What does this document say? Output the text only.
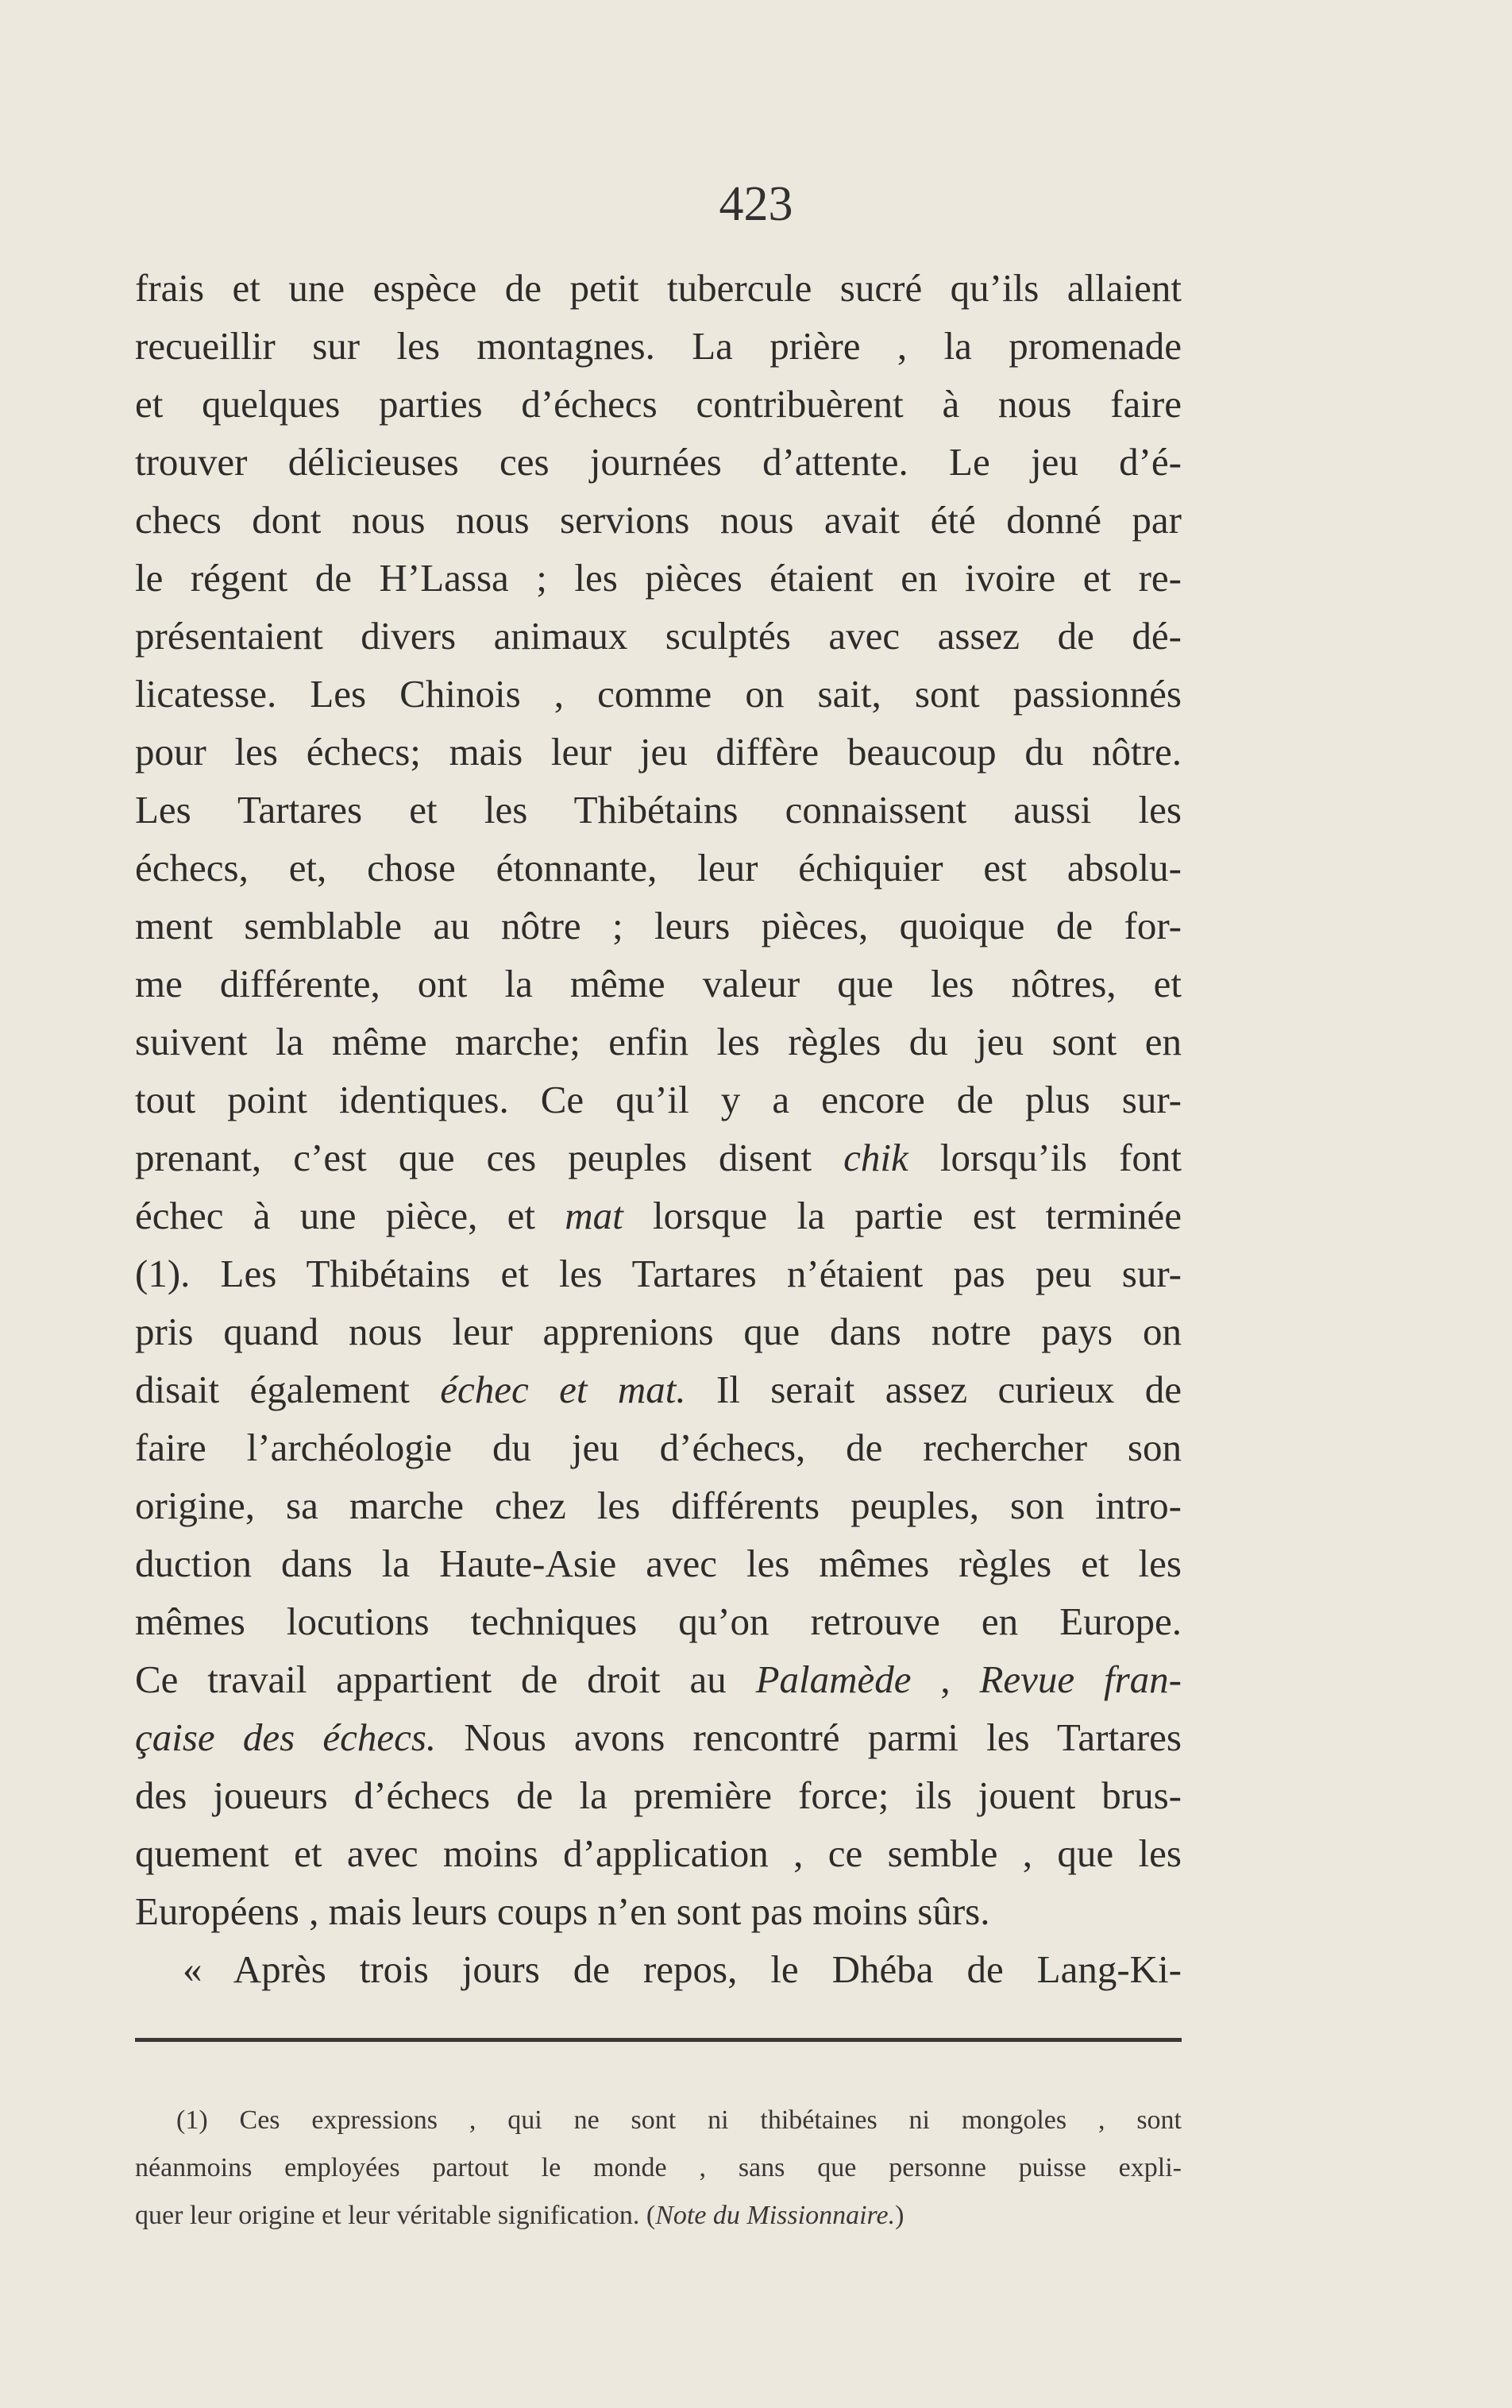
423
frais et une espèce de petit tubercule sucré qu’ils allaient
recueillir sur les montagnes. La prière , la promenade
et quelques parties d’échecs contribuèrent à nous faire
trouver délicieuses ces journées d’attente. Le jeu d’é-
checs dont nous nous servions nous avait été donné par
le régent de H’Lassa ; les pièces étaient en ivoire et re-
présentaient divers animaux sculptés avec assez de dé-
licatesse. Les Chinois , comme on sait, sont passionnés
pour les échecs; mais leur jeu diffère beaucoup du nôtre.
Les Tartares et les Thibétains connaissent aussi les
échecs, et, chose étonnante, leur échiquier est absolu-
ment semblable au nôtre ; leurs pièces, quoique de for-
me différente, ont la même valeur que les nôtres, et
suivent la même marche; enfin les règles du jeu sont en
tout point identiques. Ce qu’il y a encore de plus sur-
prenant, c’est que ces peuples disent chik lorsqu’ils font
échec à une pièce, et mat lorsque la partie est terminée
(1). Les Thibétains et les Tartares n’étaient pas peu sur-
pris quand nous leur apprenions que dans notre pays on
disait également échec et mat. Il serait assez curieux de
faire l’archéologie du jeu d’échecs, de rechercher son
origine, sa marche chez les différents peuples, son intro-
duction dans la Haute-Asie avec les mêmes règles et les
mêmes locutions techniques qu’on retrouve en Europe.
Ce travail appartient de droit au Palamède , Revue fran-
çaise des échecs. Nous avons rencontré parmi les Tartares
des joueurs d’échecs de la première force; ils jouent brus-
quement et avec moins d’application , ce semble , que les
Européens , mais leurs coups n’en sont pas moins sûrs.
« Après trois jours de repos, le Dhéba de Lang-Ki-
(1) Ces expressions , qui ne sont ni thibétaines ni mongoles , sont
néanmoins employées partout le monde , sans que personne puisse expli-
quer leur origine et leur véritable signification. (Note du Missionnaire.)
